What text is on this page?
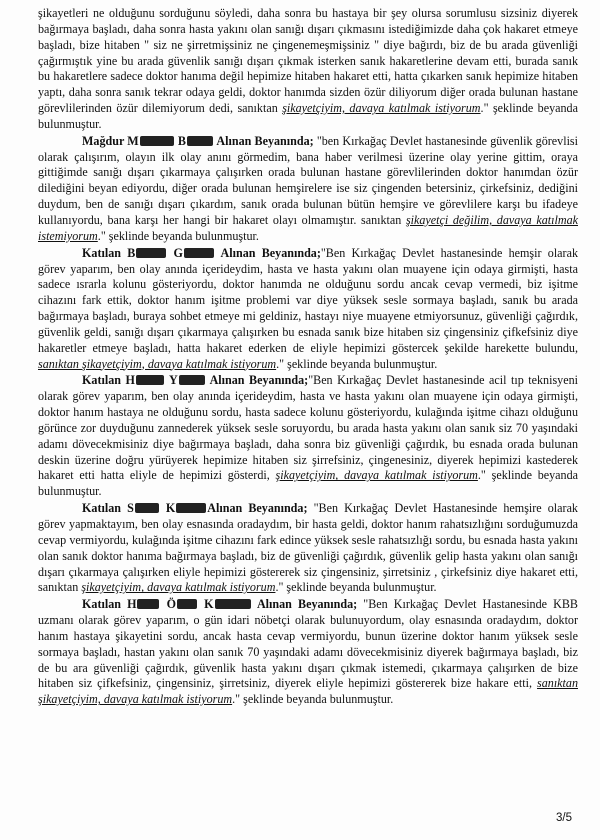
şikayetleri ne olduğunu sorduğunu söyledi, daha sonra bu hastaya bir şey olursa sorumlusu sizsiniz diyerek bağırmaya başladı, daha sonra hasta yakını olan sanığı dışarı çıkmasını istediğimizde daha çok hakaret etmeye başladı, bize hitaben " siz ne şirretmişsiniz ne çingenemeşmişsiniz " diye bağırdı, biz de bu arada güvenliği çağırmıştık yine bu arada güvenlik sanığı dışarı çıkmak isterken sanık hakaretlerine devam etti, burada sanık bu hakaretlere sadece doktor hanıma değil hepimize hitaben hakaret etti, hatta çıkarken sanık hepimize hitaben yaptı, daha sonra sanık tekrar odaya geldi, doktor hanımda sizden özür diliyorum diğer orada bulunan hastane görevlilerinden özür dilemiyorum dedi, sanıktan şikayetçiyim, davaya katılmak istiyorum." şeklinde beyanda bulunmuştur.

Mağdur M	B Alınan Beyanında; "ben Kırkağaç Devlet hastanesinde güvenlik görevlisi olarak çalışırım, olayın ilk olay anını görmedim, bana haber verilmesi üzerine olay yerine gittim, oraya gittiğimde sanığı dışarı çıkarmaya çalışırken orada bulunan hastane görevlilerinden doktor hanımdan özür dilediğini beyan ediyordu, diğer orada bulunan hemşirelere ise siz çingenden betersiniz, çirkefsiniz, dediğini duydum, ben de sanığı dışarı çıkardım, sanık orada bulunan bütün hemşire ve görevlilere karşı bu ifadeye kullanıyordu, bana karşı her hangi bir hakaret olayı olmamıştır. sanıktan şikayetçi değilim, davaya katılmak istemiyorum." şeklinde beyanda bulunmuştur.

Katılan B	G	Alınan Beyanında;"Ben Kırkağaç Devlet hastanesinde hemşir olarak görev yaparım, ben olay anında içerideydim, hasta ve hasta yakını olan muayene için odaya girmişti, hasta sadece ısrarla kolunu gösteriyordu, doktor hanımda ne olduğunu sordu ancak cevap vermedi, biz işitme cihazını fark ettik, doktor hanım işitme problemi var diye yüksek sesle sormaya başladı, sanık bu arada bağırmaya başladı, buraya sohbet etmeye mi geldiniz, hastayı niye muayene etmiyorsunuz, güvenliği çağırdık, güvenlik geldi, sanığı dışarı çıkarmaya çalışırken bu esnada sanık bize hitaben siz çingensiniz çifkefsiniz diye hakaretler etmeye başladı, hatta hakaret ederken de eliyle hepimizi göstercek şekilde harekette bulundu, sanıktan şikayetçiyim, davaya katılmak istiyorum." şeklinde beyanda bulunmuştur.

Katılan H Y Alınan Beyanında;"Ben Kırkağaç Devlet hastanesinde acil tıp teknisyeni olarak görev yaparım, ben olay anında içerideydim, hasta ve hasta yakını olan muayene için odaya girmişti, doktor hanım hastaya ne olduğunu sordu, hasta sadece kolunu gösteriyordu, kulağında işitme cihazı olduğunu görünce zor duyduğunu zannederek yüksek sesle soruyordu, bu arada hasta yakını olan sanık siz 70 yaşındaki adamı dövecekmisiniz diye bağırmaya başladı, daha sonra biz güvenliği çağırdık, bu esnada orada bulunan deskin üzerine doğru yürüyerek hepimize hitaben siz şirrefsiniz, çingenesiniz, diyerek hepimizi kastederek hakaret etti hatta eliyle de hepimizi gösterdi, şikayetçiyim, davaya katılmak istiyorum." şeklinde beyanda bulunmuştur.

Katılan S K	Alınan Beyanında; "Ben Kırkağaç Devlet Hastanesinde hemşire olarak görev yapmaktayım, ben olay esnasında oradaydım, bir hasta geldi, doktor hanım rahatsızlığını sorduğumuzda cevap vermiyordu, kulağında işitme cihazını fark edince yüksek sesle rahatsızlığı sordu, bu esnada hasta yakını olan sanık doktor hanıma bağırmaya başladı, biz de güvenliği çağırdık, güvenlik gelip hasta yakını olan sanığı dışarı çıkarmaya çalışırken eliyle hepimizi göstererek siz çingensiniz, şirretsiniz , çirkefsiniz diye hakaret etti, sanıktan şikayetçiyim, davaya katılmak istiyorum." şeklinde beyanda bulunmuştur.

Katılan H Ö K	Alınan Beyanında; "Ben Kırkağaç Devlet Hastanesinde KBB uzmanı olarak görev yaparım, o gün idari nöbetçi olarak bulunuyordum, olay esnasında oradaydım, doktor hanım hastaya şikayetini sordu, ancak hasta cevap vermiyordu, bunun üzerine doktor hanım yüksek sesle sormaya başladı, hastan yakını olan sanık 70 yaşındaki adamı dövecekmisiniz diyerek bağırmaya başladı, biz de bu ara güvenliği çağırdık, güvenlik hasta yakını dışarı çıkmak istemedi, çıkarmaya çalışırken de bize hitaben siz çifkefsiniz, çingensiniz, şirretsiniz, diyerek eliyle hepimizi göstererek bize hakare etti, sanıktan şikayetçiyim, davaya katılmak istiyorum." şeklinde beyanda bulunmuştur.

3/5
